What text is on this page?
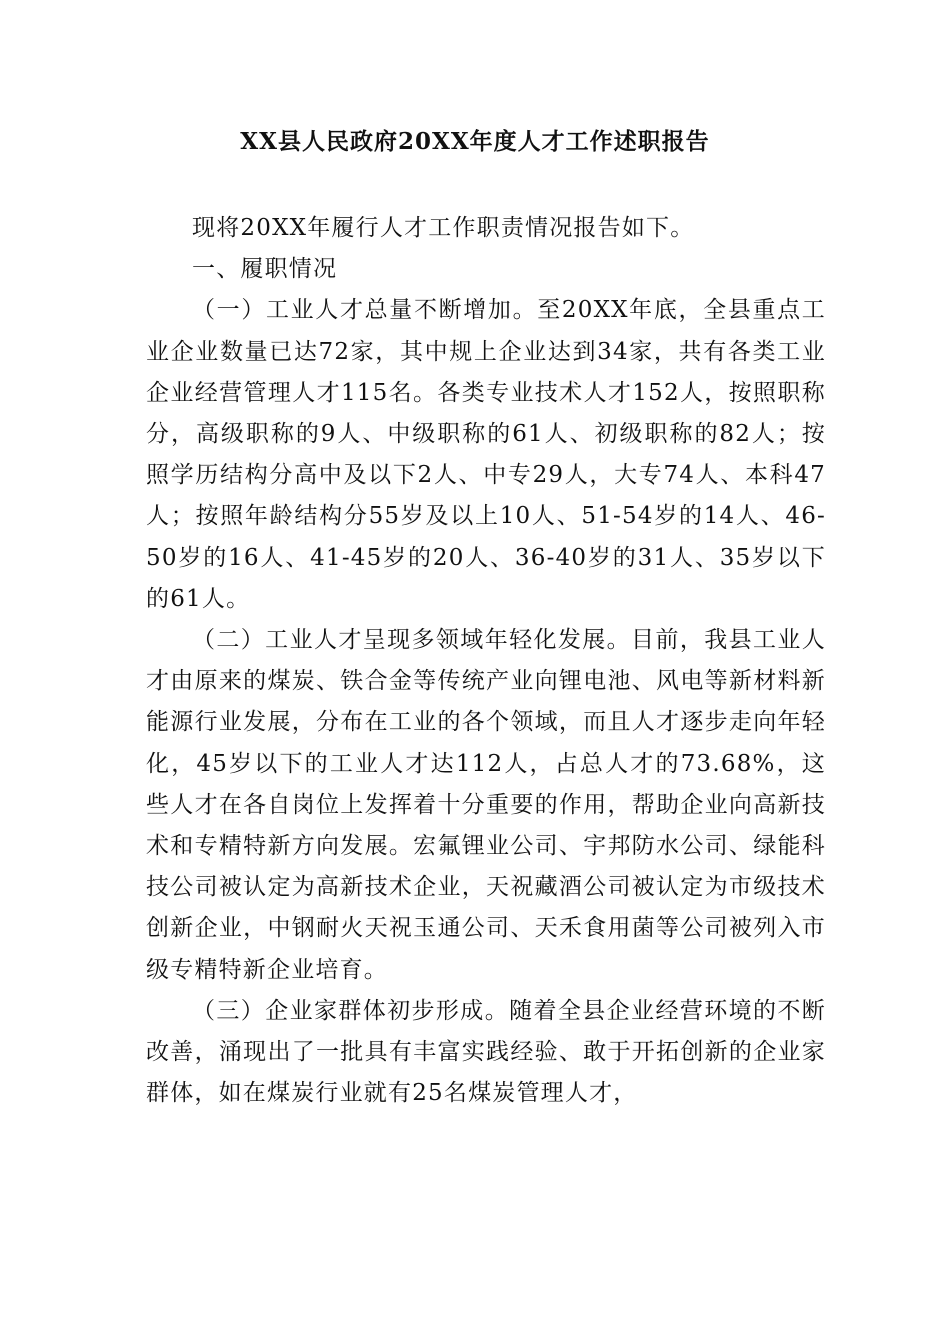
XX县人民政府20XX年度人才工作述职报告

现将20XX年履行人才工作职责情况报告如下。

一、履职情况

（一）工业人才总量不断增加。至20XX年底，全县重点工业企业数量已达72家，其中规上企业达到34家，共有各类工业企业经营管理人才115名。各类专业技术人才152人，按照职称分，高级职称的9人、中级职称的61人、初级职称的82人；按照学历结构分高中及以下2人、中专29人，大专74人、本科47人；按照年龄结构分55岁及以上10人、51-54岁的14人、46-50岁的16人、41-45岁的20人、36-40岁的31人、35岁以下的61人。

（二）工业人才呈现多领域年轻化发展。目前，我县工业人才由原来的煤炭、铁合金等传统产业向锂电池、风电等新材料新能源行业发展，分布在工业的各个领域，而且人才逐步走向年轻化，45岁以下的工业人才达112人，占总人才的73.68%，这些人才在各自岗位上发挥着十分重要的作用，帮助企业向高新技术和专精特新方向发展。宏氟锂业公司、宇邦防水公司、绿能科技公司被认定为高新技术企业，天祝藏酒公司被认定为市级技术创新企业，中钢耐火天祝玉通公司、天禾食用菌等公司被列入市级专精特新企业培育。

（三）企业家群体初步形成。随着全县企业经营环境的不断改善，涌现出了一批具有丰富实践经验、敢于开拓创新的企业家群体，如在煤炭行业就有25名煤炭管理人才，
